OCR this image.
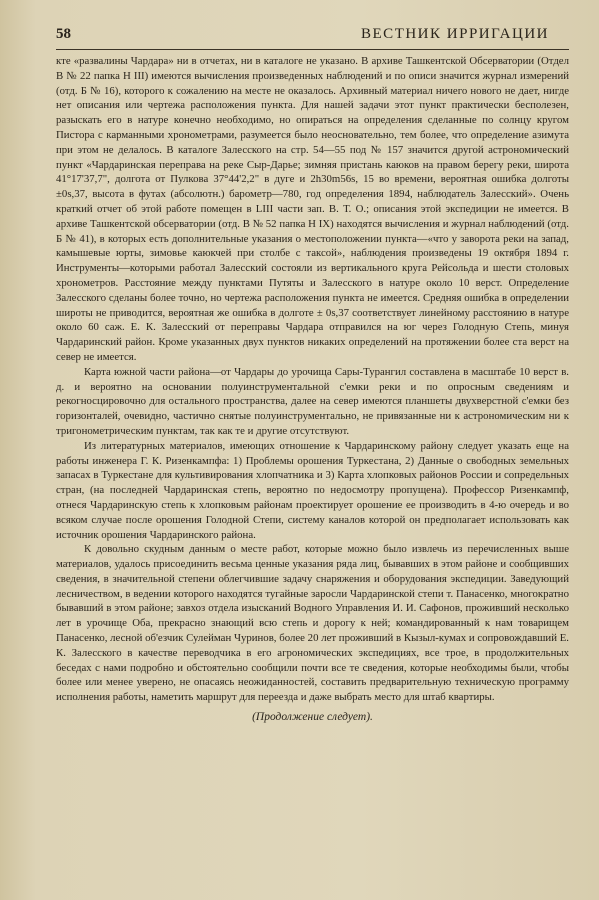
58	ВЕСТНИК ИРРИГАЦИИ

кте «развалины Чардара» ни в отчетах, ни в каталоге не указано. В архиве Ташкентской Обсерватории (Отдел В № 22 папка Н III) имеются вычисления произведенных наблюдений и по описи значится журнал измерений (отд. Б № 16), которого к сожалению на месте не оказалось. Архивный материал ничего нового не дает, нигде нет описания или чертежа расположения пункта. Для нашей задачи этот пункт практически бесполезен, разыскать его в натуре конечно необходимо, но опираться на определения сделанные по солнцу кругом Пистора с карманными хронометрами, разумеется было неосновательно, тем более, что определение азимута при этом не делалось. В каталоге Залесского на стр. 54—55 под № 157 значится другой астрономический пункт «Чардаринская переправа на реке Сыр-Дарье; зимняя пристань каюков на правом берегу реки, широта 41°17'37,7", долгота от Пулкова 37°44'2,2" в дуге и 2h30m56s, 15 во времени, вероятная ошибка долготы ±0s,37, высота в футах (абсолютн.) барометр—780, год определения 1894, наблюдатель Залесский». Очень краткий отчет об этой работе помещен в LIII части зап. В. Т. О.; описания этой экспедиции не имеется. В архиве Ташкентской обсерватории (отд. В № 52 папка Н IX) находятся вычисления и журнал наблюдений (отд. Б № 41), в которых есть дополнительные указания о местоположении пункта—«что у заворота реки на запад, камышевые юрты, зимовье каюкчей при столбе с таксой», наблюдения произведены 19 октября 1894 г. Инструменты—которыми работал Залесский состояли из вертикального круга Рейсольда и шести столовых хронометров. Расстояние между пунктами Путяты и Залесского в натуре около 10 верст. Определение Залесского сделаны более точно, но чертежа расположения пункта не имеется. Средняя ошибка в определении широты не приводится, вероятная же ошибка в долготе ± 0s,37 соответствует линейному расстоянию в натуре около 60 саж. Е. К. Залесский от переправы Чардара отправился на юг через Голодную Степь, минуя Чардаринский район. Кроме указанных двух пунктов никаких определений на протяжении более ста верст на север не имеется.

Карта южной части района—от Чардары до урочища Сары-Турангил составлена в масштабе 10 верст в. д. и вероятно на основании полуинструментальной с'емки реки и по опросным сведениям и рекогносцировочно для остального пространства, далее на север имеются планшеты двухверстной с'емки без горизонталей, очевидно, частично снятые полуинструментально, не привязанные ни к астрономическим ни к тригонометрическим пунктам, так как те и другие отсутствуют.

Из литературных материалов, имеющих отношение к Чардаринскому району следует указать еще на работы инженера Г. К. Ризенкампфа: 1) Проблемы орошения Туркестана, 2) Данные о свободных земельных запасах в Туркестане для культивирования хлопчатника и 3) Карта хлопковых районов России и сопредельных стран, (на последней Чардаринская степь, вероятно по недосмотру пропущена). Профессор Ризенкампф, отнеся Чардаринскую степь к хлопковым районам проектирует орошение ее производить в 4-ю очередь и во всяком случае после орошения Голодной Степи, систему каналов которой он предполагает использовать как источник орошения Чардаринского района.

К довольно скудным данным о месте работ, которые можно было извлечь из перечисленных выше материалов, удалось присоединить весьма ценные указания ряда лиц, бывавших в этом районе и сообщивших сведения, в значительной степени облегчившие задачу снаряжения и оборудования экспедиции. Заведующий лесничеством, в ведении которого находятся тугайные заросли Чардаринской степи т. Панасенко, многократно бывавший в этом районе; завхоз отдела изысканий Водного Управления И. И. Сафонов, проживший несколько лет в урочище Оба, прекрасно знающий всю степь и дорогу к ней; командированный к нам товарищем Панасенко, лесной об'езчик Сулейман Чуринов, более 20 лет проживший в Кызыл-кумах и сопровождавший Е. К. Залесского в качестве переводчика в его агрономических экспедициях, все трое, в продолжительных беседах с нами подробно и обстоятельно сообщили почти все те сведения, которые необходимы были, чтобы более или менее уверено, не опасаясь неожиданностей, составить предварительную техническую программу исполнения работы, наметить маршрут для переезда и даже выбрать место для штаб квартиры.

(Продолжение следует).
